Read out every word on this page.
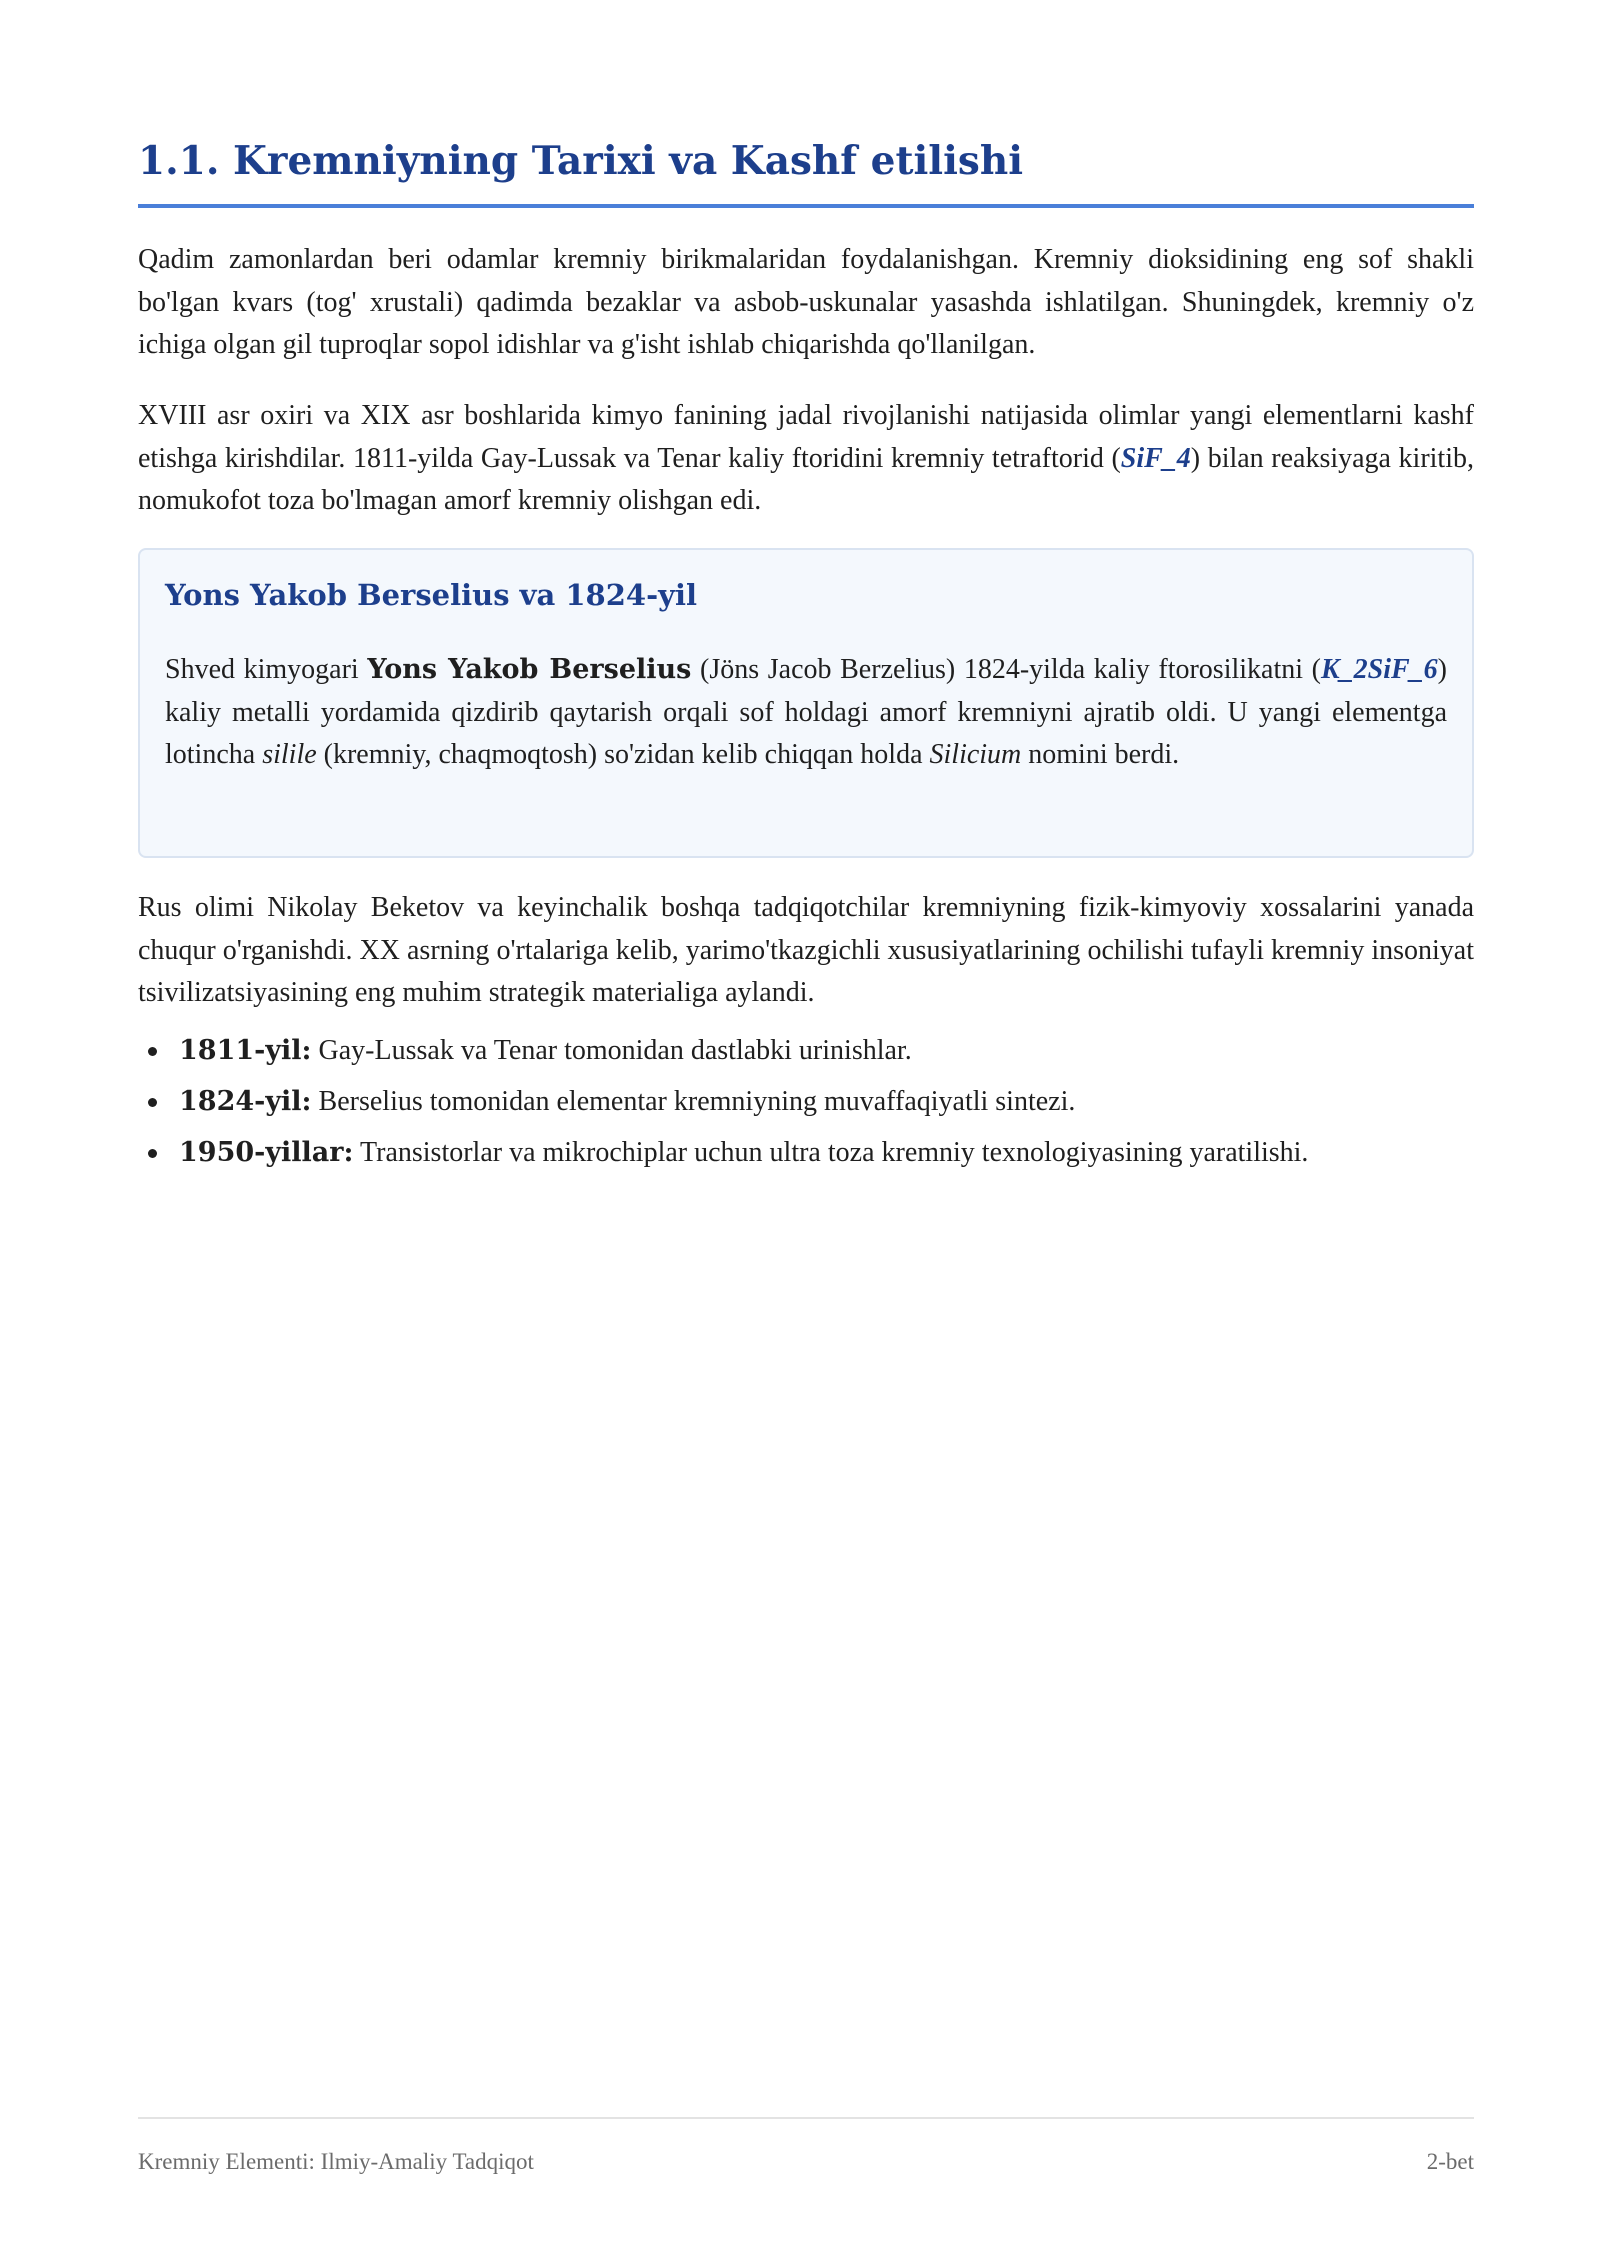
1.1. Kremniyning Tarixi va Kashf etilishi

Qadim zamonlardan beri odamlar kremniy birikmalaridan foydalanishgan. Kremniy dioksidining eng sof shakli bo'lgan kvars (tog' xrustali) qadimda bezaklar va asbob-uskunalar yasashda ishlatilgan. Shuningdek, kremniy o'z ichiga olgan gil tuproqlar sopol idishlar va g'isht ishlab chiqarishda qo'llanilgan.

XVIII asr oxiri va XIX asr boshlarida kimyo fanining jadal rivojlanishi natijasida olimlar yangi elementlarni kashf etishga kirishdilar. 1811-yilda Gay-Lussak va Tenar kaliy ftoridini kremniy tetraftorid (SiF_4) bilan reaksiyaga kiritib, nomukofot toza bo'lmagan amorf kremniy olishgan edi.

Yons Yakob Berselius va 1824-yil

Shved kimyogari Yons Yakob Berselius (Jöns Jacob Berzelius) 1824-yilda kaliy ftorosilikatni (K_2SiF_6) kaliy metalli yordamida qizdirib qaytarish orqali sof holdagi amorf kremniyni ajratib oldi. U yangi elementga lotincha silile (kremniy, chaqmoqtosh) so'zidan kelib chiqqan holda Silicium nomini berdi.

Rus olimi Nikolay Beketov va keyinchalik boshqa tadqiqotchilar kremniyning fizik-kimyoviy xossalarini yanada chuqur o'rganishdi. XX asrning o'rtalariga kelib, yarimo'tkazgichli xususiyatlarining ochilishi tufayli kremniy insoniyat tsivilizatsiyasining eng muhim strategik materialiga aylandi.

1811-yil: Gay-Lussak va Tenar tomonidan dastlabki urinishlar.
1824-yil: Berselius tomonidan elementar kremniyning muvaffaqiyatli sintezi.
1950-yillar: Transistorlar va mikrochiplar uchun ultra toza kremniy texnologiyasining yaratilishi.
Kremniy Elementi: Ilmiy-Amaliy Tadqiqot	2-bet
